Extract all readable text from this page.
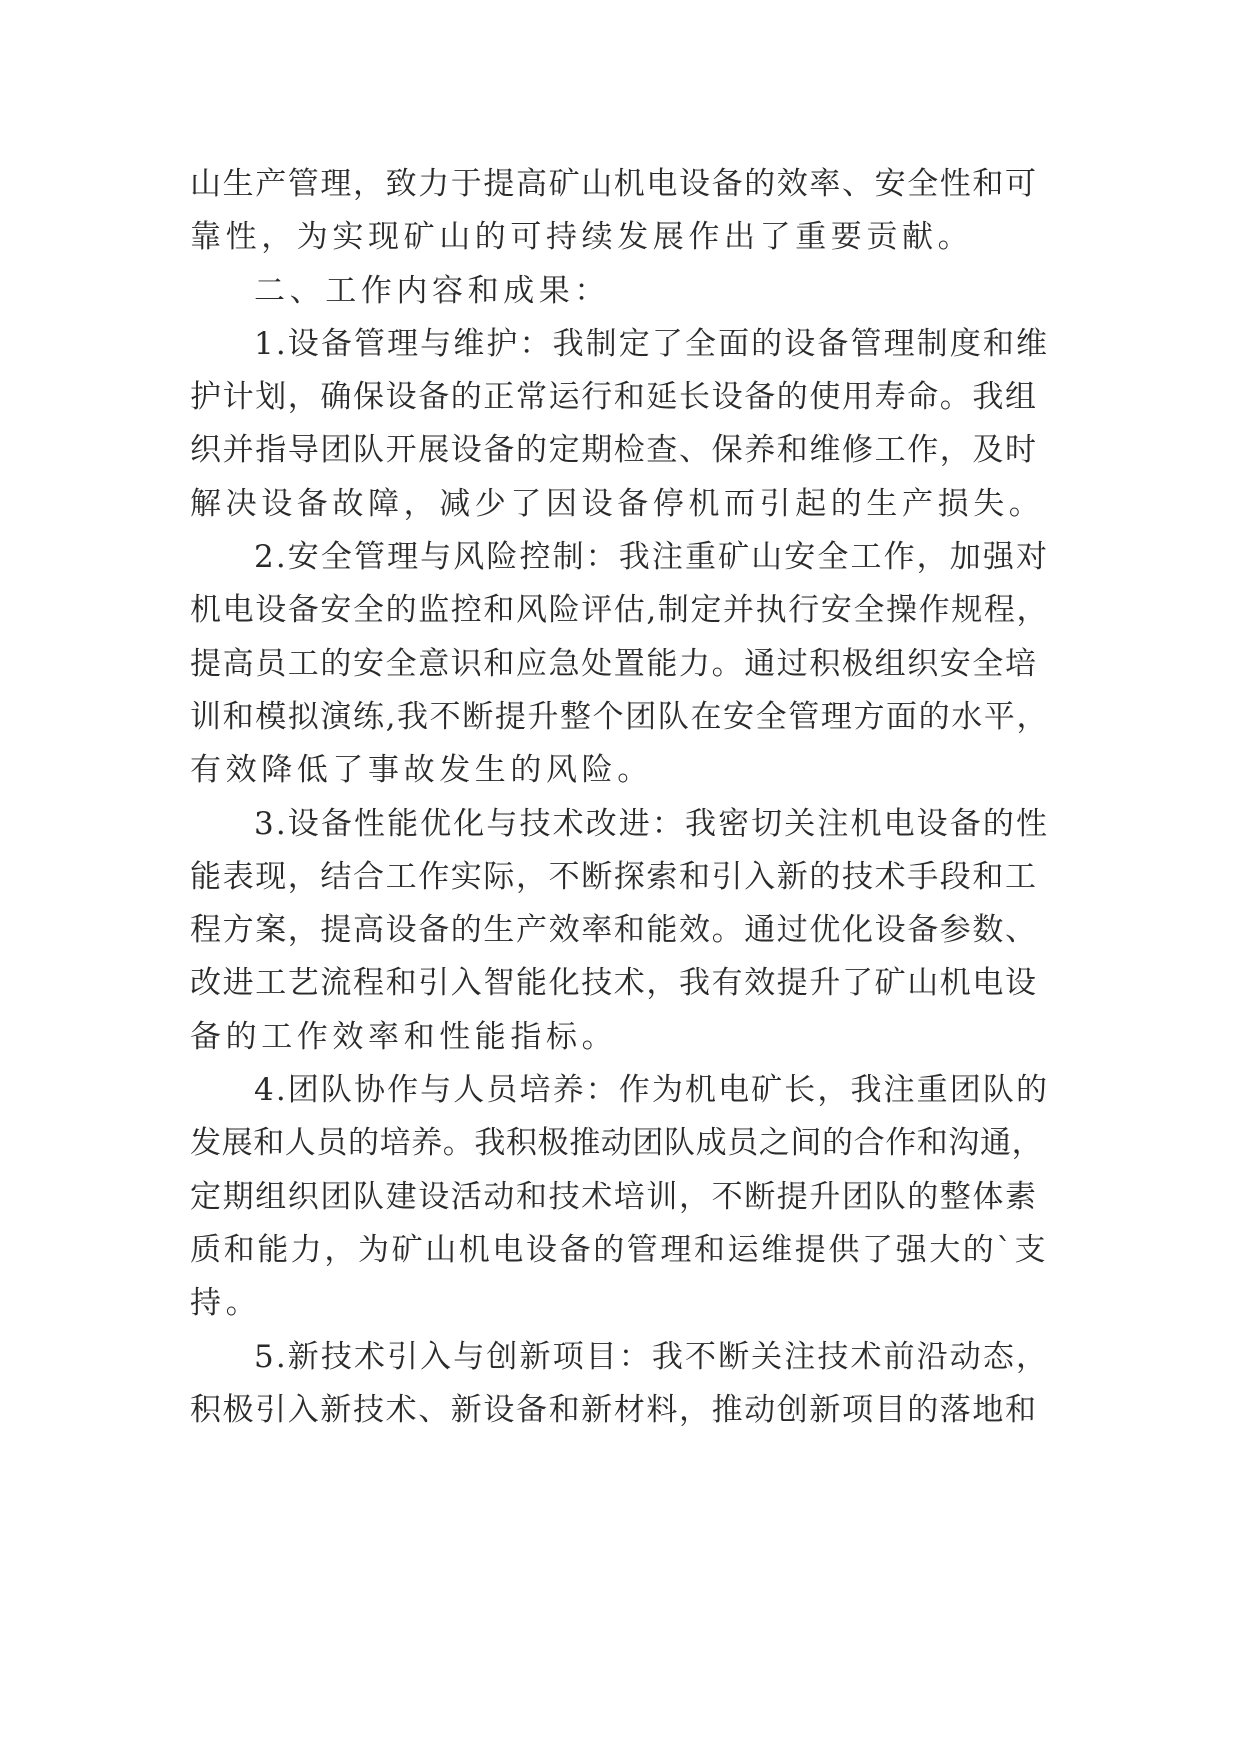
山生产管理，致力于提高矿山机电设备的效率、安全性和可
靠性，为实现矿山的可持续发展作出了重要贡献。
二、工作内容和成果：
1.设备管理与维护：我制定了全面的设备管理制度和维
护计划，确保设备的正常运行和延长设备的使用寿命。我组
织并指导团队开展设备的定期检查、保养和维修工作，及时
解决设备故障，减少了因设备停机而引起的生产损失。
2.安全管理与风险控制：我注重矿山安全工作，加强对
机电设备安全的监控和风险评估,制定并执行安全操作规程，
提高员工的安全意识和应急处置能力。通过积极组织安全培
训和模拟演练,我不断提升整个团队在安全管理方面的水平，
有效降低了事故发生的风险。
3.设备性能优化与技术改进：我密切关注机电设备的性
能表现，结合工作实际，不断探索和引入新的技术手段和工
程方案，提高设备的生产效率和能效。通过优化设备参数、
改进工艺流程和引入智能化技术，我有效提升了矿山机电设
备的工作效率和性能指标。
4.团队协作与人员培养：作为机电矿长，我注重团队的
发展和人员的培养。我积极推动团队成员之间的合作和沟通，
定期组织团队建设活动和技术培训，不断提升团队的整体素
质和能力，为矿山机电设备的管理和运维提供了强大的`支
持。
5.新技术引入与创新项目：我不断关注技术前沿动态，
积极引入新技术、新设备和新材料，推动创新项目的落地和
